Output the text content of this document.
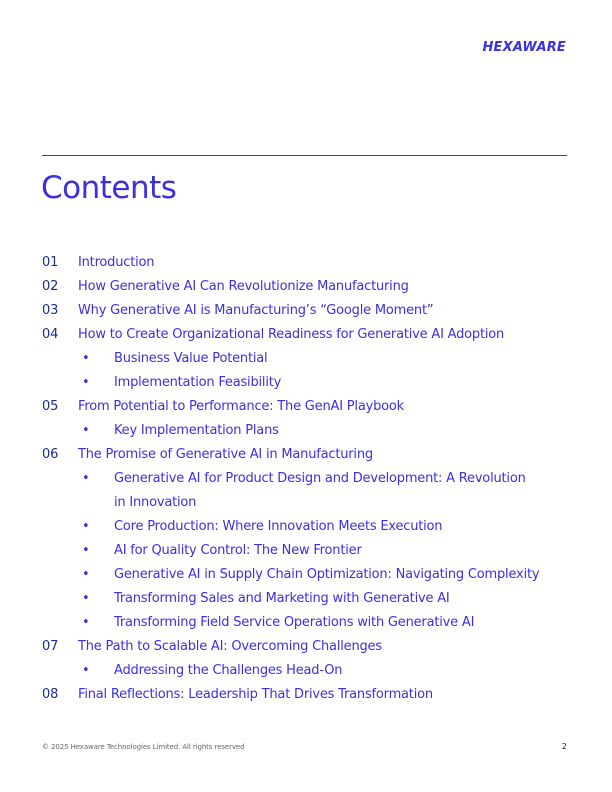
HEXAWARE
Contents
01	Introduction
02	How Generative AI Can Revolutionize Manufacturing
03	Why Generative AI is Manufacturing’s “Google Moment”
04	How to Create Organizational Readiness for Generative AI Adoption
•	Business Value Potential
•	Implementation Feasibility
05	From Potential to Performance: The GenAI Playbook
•	Key Implementation Plans
06	The Promise of Generative AI in Manufacturing
• Generative AI for Product Design and Development: A Revolution
in Innovation
•	Core Production: Where Innovation Meets Execution
•	AI for Quality Control: The New Frontier
•	Generative AI in Supply Chain Optimization: Navigating Complexity
•	Transforming Sales and Marketing with Generative AI
•	Transforming Field Service Operations with Generative AI
07	The Path to Scalable AI: Overcoming Challenges
•	Addressing the Challenges Head-On
08	Final Reflections: Leadership That Drives Transformation
© 2025 Hexaware Technologies Limited. All rights reserved	2
